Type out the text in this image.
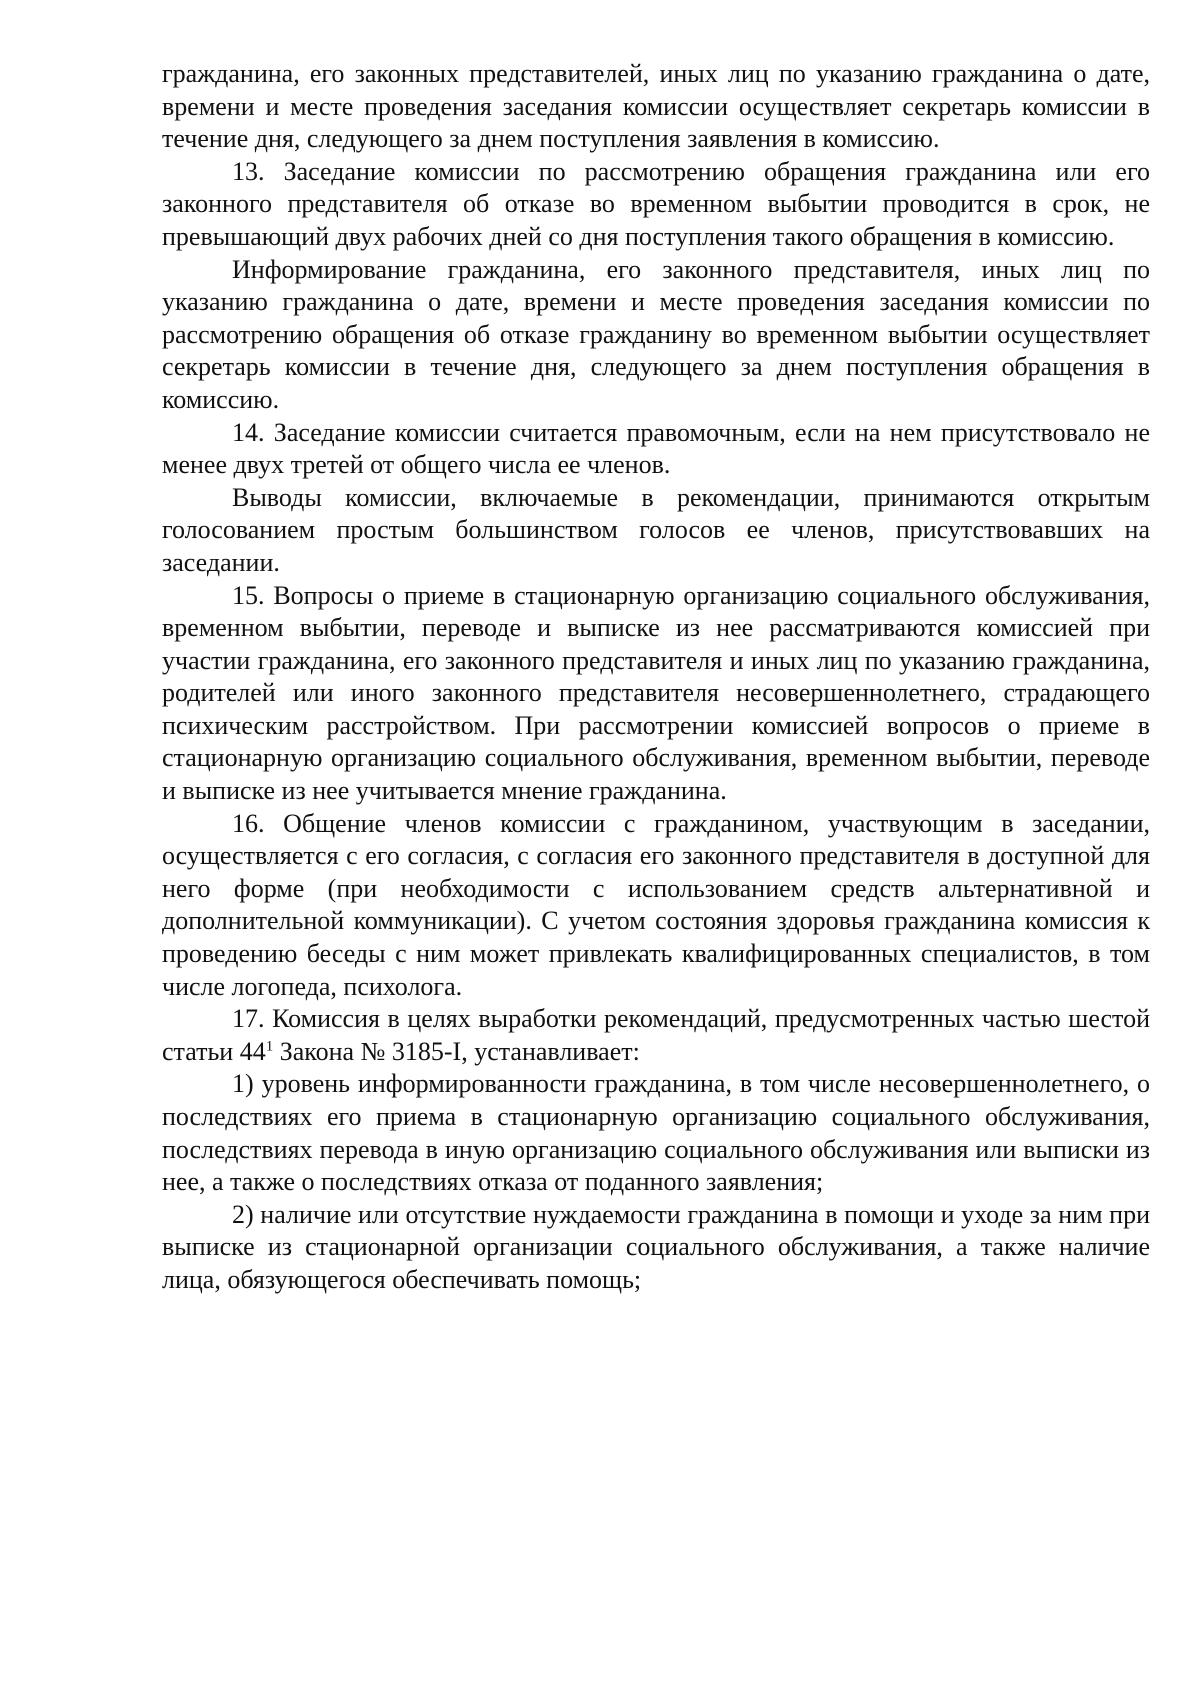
гражданина, его законных представителей, иных лиц по указанию гражданина о дате, времени и месте проведения заседания комиссии осуществляет секретарь комиссии в течение дня, следующего за днем поступления заявления в комиссию.

13. Заседание комиссии по рассмотрению обращения гражданина или его законного представителя об отказе во временном выбытии проводится в срок, не превышающий двух рабочих дней со дня поступления такого обращения в комиссию.

Информирование гражданина, его законного представителя, иных лиц по указанию гражданина о дате, времени и месте проведения заседания комиссии по рассмотрению обращения об отказе гражданину во временном выбытии осуществляет секретарь комиссии в течение дня, следующего за днем поступления обращения в комиссию.

14. Заседание комиссии считается правомочным, если на нем присутствовало не менее двух третей от общего числа ее членов.

Выводы комиссии, включаемые в рекомендации, принимаются открытым голосованием простым большинством голосов ее членов, присутствовавших на заседании.

15. Вопросы о приеме в стационарную организацию социального обслуживания, временном выбытии, переводе и выписке из нее рассматриваются комиссией при участии гражданина, его законного представителя и иных лиц по указанию гражданина, родителей или иного законного представителя несовершеннолетнего, страдающего психическим расстройством. При рассмотрении комиссией вопросов о приеме в стационарную организацию социального обслуживания, временном выбытии, переводе и выписке из нее учитывается мнение гражданина.

16. Общение членов комиссии с гражданином, участвующим в заседании, осуществляется с его согласия, с согласия его законного представителя в доступной для него форме (при необходимости с использованием средств альтернативной и дополнительной коммуникации). С учетом состояния здоровья гражданина комиссия к проведению беседы с ним может привлекать квалифицированных специалистов, в том числе логопеда, психолога.

17. Комиссия в целях выработки рекомендаций, предусмотренных частью шестой статьи $44^1$ Закона № 3185-I, устанавливает:

1) уровень информированности гражданина, в том числе несовершеннолетнего, о последствиях его приема в стационарную организацию социального обслуживания, последствиях перевода в иную организацию социального обслуживания или выписки из нее, а также о последствиях отказа от поданного заявления;

2) наличие или отсутствие нуждаемости гражданина в помощи и уходе за ним при выписке из стационарной организации социального обслуживания, а также наличие лица, обязующегося обеспечивать помощь;
